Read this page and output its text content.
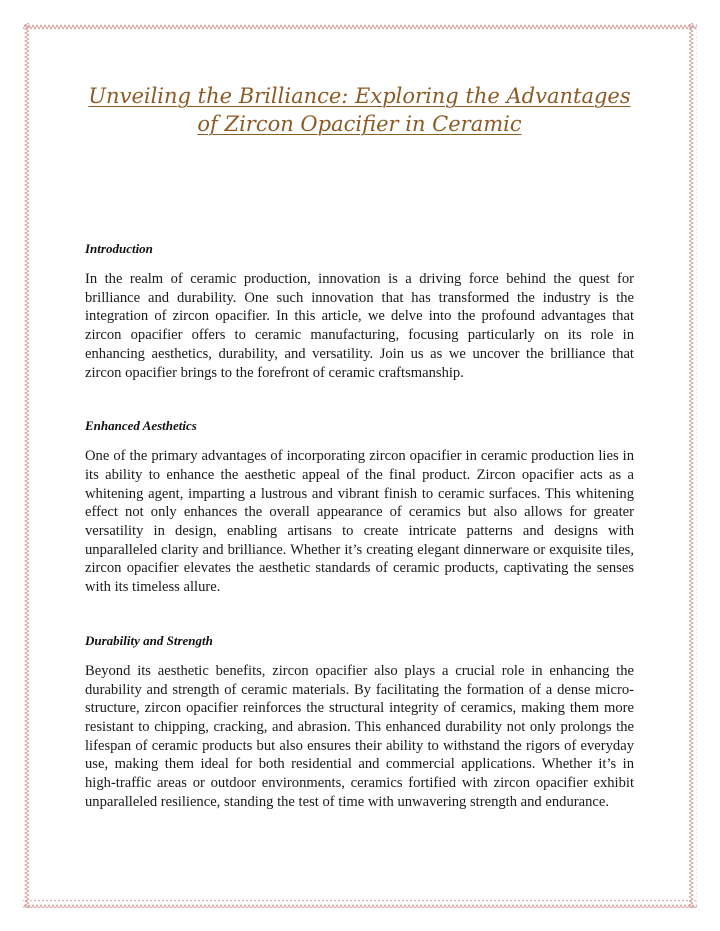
Unveiling the Brilliance: Exploring the Advantages of Zircon Opacifier in Ceramic

Introduction

In the realm of ceramic production, innovation is a driving force behind the quest for brilliance and durability. One such innovation that has transformed the industry is the integration of zircon opacifier. In this article, we delve into the profound advantages that zircon opacifier offers to ceramic manufacturing, focusing particularly on its role in enhancing aesthetics, durability, and versatility. Join us as we uncover the brilliance that zircon opacifier brings to the forefront of ceramic craftsmanship.

Enhanced Aesthetics

One of the primary advantages of incorporating zircon opacifier in ceramic production lies in its ability to enhance the aesthetic appeal of the final product. Zircon opacifier acts as a whitening agent, imparting a lustrous and vibrant finish to ceramic surfaces. This whitening effect not only enhances the overall appearance of ceramics but also allows for greater versatility in design, enabling artisans to create intricate patterns and designs with unparalleled clarity and brilliance. Whether it’s creating elegant dinnerware or exquisite tiles, zircon opacifier elevates the aesthetic standards of ceramic products, captivating the senses with its timeless allure.

Durability and Strength

Beyond its aesthetic benefits, zircon opacifier also plays a crucial role in enhancing the durability and strength of ceramic materials. By facilitating the formation of a dense micro-structure, zircon opacifier reinforces the structural integrity of ceramics, making them more resistant to chipping, cracking, and abrasion. This enhanced durability not only prolongs the lifespan of ceramic products but also ensures their ability to withstand the rigors of everyday use, making them ideal for both residential and commercial applications. Whether it’s in high-traffic areas or outdoor environments, ceramics fortified with zircon opacifier exhibit unparalleled resilience, standing the test of time with unwavering strength and endurance.
